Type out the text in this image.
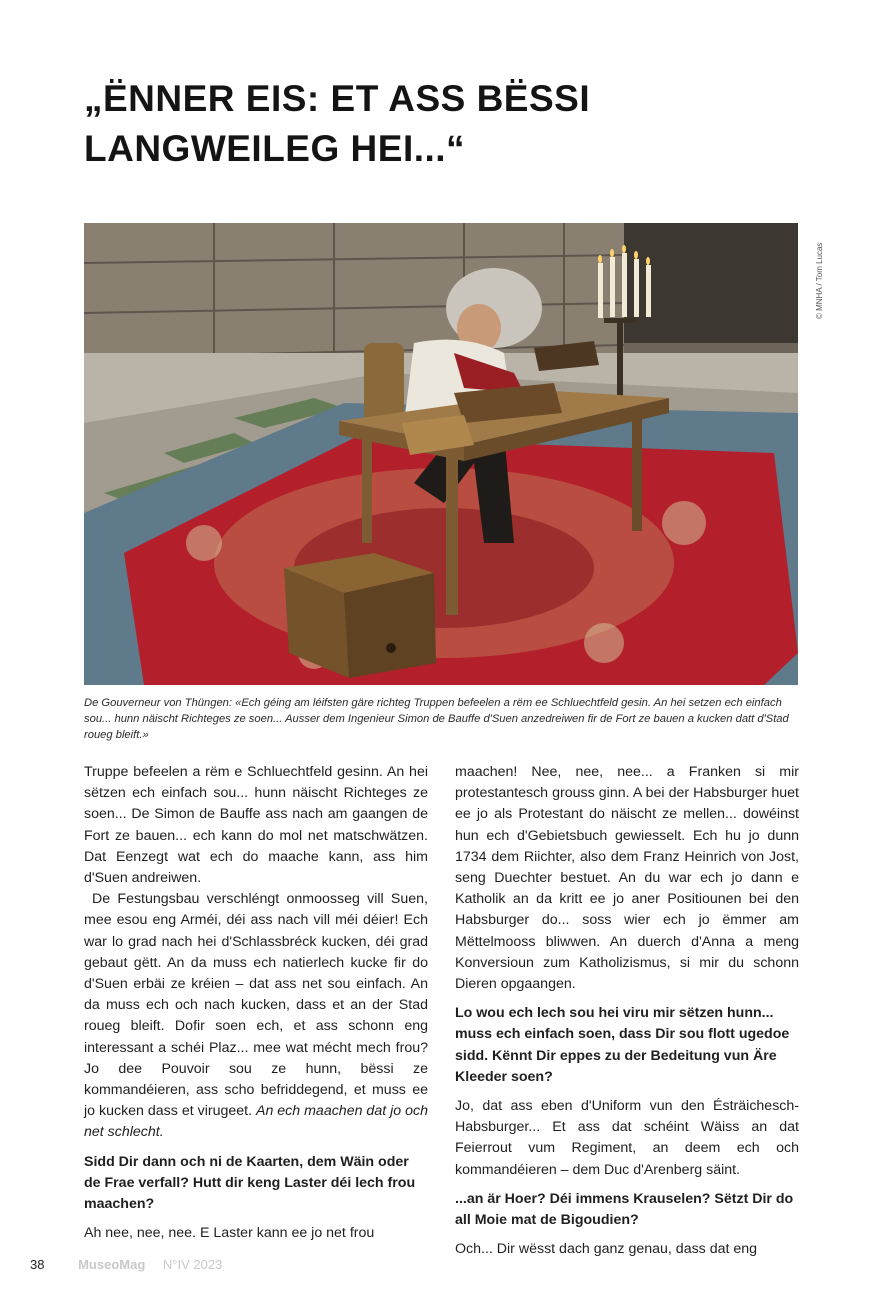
„ËNNER EIS: ET ASS BËSSI
LANGWEILEG HEI...“
© MNHA / Tom Lucas

De Gouverneur von Thüngen: «Ech géing am léifsten gäre richteg Truppen befeelen a rëm ee Schluechtfeld gesin. An hei setzen ech einfach sou... hunn näischt Richteges ze soen... Ausser dem Ingenieur Simon de Bauffe d'Suen anzedreiwen fir de Fort ze bauen a kucken datt d'Stad roueg bleift.»

Truppe befeelen a rëm e Schluechtfeld gesinn. An hei sëtzen ech einfach sou... hunn näischt Richteges ze soen... De Simon de Bauffe ass nach am gaangen de Fort ze bauen... ech kann do mol net matschwätzen. Dat Eenzegt wat ech do maache kann, ass him d'Suen andreiwen.

De Festungsbau verschléngt onmoosseg vill Suen, mee esou eng Arméi, déi ass nach vill méi déier! Ech war lo grad nach hei d'Schlassbréck kucken, déi grad gebaut gëtt. An da muss ech natierlech kucke fir do d'Suen erbäi ze kréien – dat ass net sou einfach. An da muss ech och nach kucken, dass et an der Stad roueg bleift. Dofir soen ech, et ass schonn eng interessant a schéi Plaz... mee wat mécht mech frou? Jo dee Pouvoir sou ze hunn, bëssi ze kommandéieren, ass scho befriddegend, et muss ee jo kucken dass et virugeet. An ech maachen dat jo och net schlecht.

Sidd Dir dann och ni de Kaarten, dem Wäin oder de Frae verfall? Hutt dir keng Laster déi lech frou maachen?

Ah nee, nee, nee. E Laster kann ee jo net frou

maachen! Nee, nee, nee... a Franken si mir protestantesch grouss ginn. A bei der Habsburger huet ee jo als Protestant do näischt ze mellen... dowéinst hun ech d'Gebietsbuch gewiesselt. Ech hu jo dunn 1734 dem Riichter, also dem Franz Heinrich von Jost, seng Duechter bestuet. An du war ech jo dann e Katholik an da kritt ee jo aner Positiounen bei den Habsburger do... soss wier ech jo ëmmer am Mëttelmooss bliwwen. An duerch d'Anna a meng Konversioun zum Katholizismus, si mir du schonn Dieren opgaangen.

Lo wou ech lech sou hei viru mir sëtzen hunn... muss ech einfach soen, dass Dir sou flott ugedoe sidd. Kënnt Dir eppes zu der Bedeitung vun Äre Kleeder soen?

Jo, dat ass eben d'Uniform vun den Ésträichesch-Habsburger... Et ass dat schéint Wäiss an dat Feierrout vum Regiment, an deem ech och kommandéieren – dem Duc d'Arenberg säint.

...an är Hoer? Déi immens Krauselen? Sëtzt Dir do all Moie mat de Bigoudien?

Och... Dir wësst dach ganz genau, dass dat eng

38	MuseoMag N°IV 2023
